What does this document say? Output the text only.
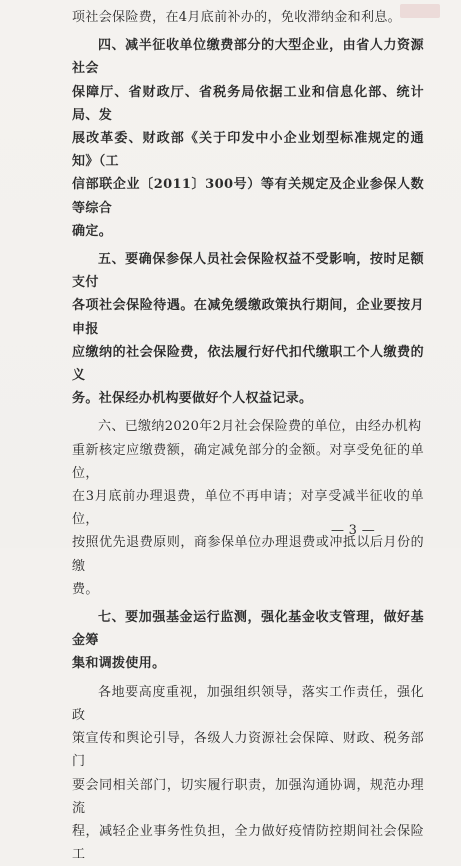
项社会保险费，在4月底前补办的，免收滞纳金和利息。

四、减半征收单位缴费部分的大型企业，由省人力资源社会
保障厅、省财政厅、省税务局依据工业和信息化部、统计局、发
展改革委、财政部《关于印发中小企业划型标准规定的通知》（工
信部联企业〔2011〕300号）等有关规定及企业参保人数等综合
确定。

五、要确保参保人员社会保险权益不受影响，按时足额支付
各项社会保险待遇。在减免缓缴政策执行期间，企业要按月申报
应缴纳的社会保险费，依法履行好代扣代缴职工个人缴费的义
务。社保经办机构要做好个人权益记录。

六、已缴纳2020年2月社会保险费的单位，由经办机构
重新核定应缴费额，确定减免部分的金额。对享受免征的单位，
在3月底前办理退费，单位不再申请；对享受减半征收的单位，
按照优先退费原则，商参保单位办理退费或冲抵以后月份的缴
费。

七、要加强基金运行监测，强化基金收支管理，做好基金筹
集和调拨使用。

各地要高度重视，加强组织领导，落实工作责任，强化政
策宣传和舆论引导，各级人力资源社会保障、财政、税务部门
要会同相关部门，切实履行职责，加强沟通协调，规范办理流
程，减轻企业事务性负担，全力做好疫情防控期间社会保险工

— 3 —
